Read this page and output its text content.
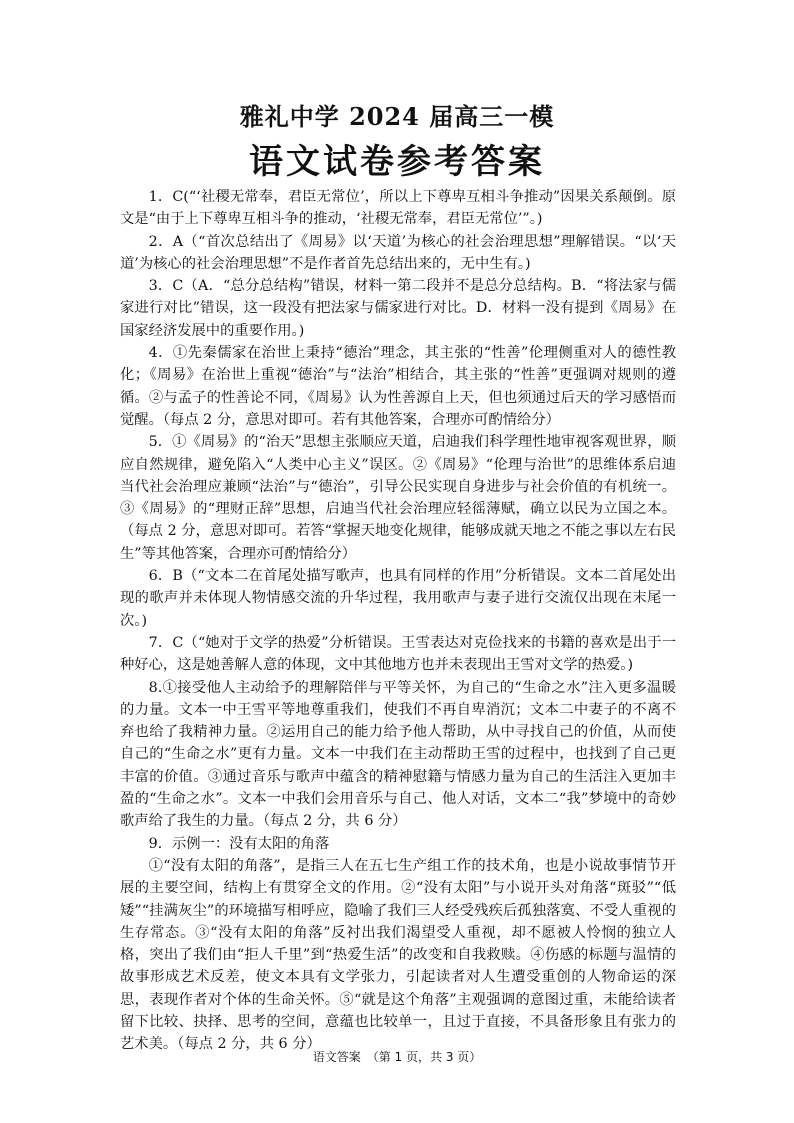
雅礼中学 2024 届高三一模
语文试卷参考答案

1．C(“‘社稷无常奉，君臣无常位’，所以上下尊卑互相斗争推动”因果关系颠倒。原文是“由于上下尊卑互相斗争的推动，‘社稷无常奉，君臣无常位’”。)

2．A（“首次总结出了《周易》以‘天道’为核心的社会治理思想”理解错误。“以‘天道’为核心的社会治理思想”不是作者首先总结出来的，无中生有。)

3．C（A．“总分总结构”错误，材料一第二段并不是总分总结构。B．“将法家与儒家进行对比”错误，这一段没有把法家与儒家进行对比。D．材料一没有提到《周易》在国家经济发展中的重要作用。)

4．①先秦儒家在治世上秉持“德治”理念，其主张的“性善”伦理侧重对人的德性教化；《周易》在治世上重视“德治”与“法治”相结合，其主张的“性善”更强调对规则的遵循。②与孟子的性善论不同，《周易》认为性善源自上天，但也须通过后天的学习感悟而觉醒。（每点 2 分，意思对即可。若有其他答案，合理亦可酌情给分）

5．①《周易》的“治天”思想主张顺应天道，启迪我们科学理性地审视客观世界，顺应自然规律，避免陷入“人类中心主义”误区。②《周易》“伦理与治世”的思维体系启迪当代社会治理应兼顾“法治”与“德治”，引导公民实现自身进步与社会价值的有机统一。③《周易》的“理财正辞”思想，启迪当代社会治理应轻徭薄赋，确立以民为立国之本。（每点 2 分，意思对即可。若答“掌握天地变化规律，能够成就天地之不能之事以左右民生”等其他答案，合理亦可酌情给分）

6．B（“文本二在首尾处描写歌声，也具有同样的作用”分析错误。文本二首尾处出现的歌声并未体现人物情感交流的升华过程，我用歌声与妻子进行交流仅出现在末尾一次。)

7．C（“她对于文学的热爱”分析错误。王雪表达对克俭找来的书籍的喜欢是出于一种好心，这是她善解人意的体现，文中其他地方也并未表现出王雪对文学的热爱。)

8.①接受他人主动给予的理解陪伴与平等关怀，为自己的“生命之水”注入更多温暖的力量。文本一中王雪平等地尊重我们，使我们不再自卑消沉；文本二中妻子的不离不弃也给了我精神力量。②运用自己的能力给予他人帮助，从中寻找自己的价值，从而使自己的“生命之水”更有力量。文本一中我们在主动帮助王雪的过程中，也找到了自己更丰富的价值。③通过音乐与歌声中蕴含的精神慰籍与情感力量为自己的生活注入更加丰盈的“生命之水”。文本一中我们会用音乐与自己、他人对话，文本二“我”梦境中的奇妙歌声给了我生的力量。（每点 2 分，共 6 分）

9．示例一：没有太阳的角落

①“没有太阳的角落”，是指三人在五七生产组工作的技术角，也是小说故事情节开展的主要空间，结构上有贯穿全文的作用。②“没有太阳”与小说开头对角落“斑驳”“低矮”“挂满灰尘”的环境描写相呼应，隐喻了我们三人经受残疾后孤独落寞、不受人重视的生存常态。③“没有太阳的角落”反衬出我们渴望受人重视，却不愿被人怜悯的独立人格，突出了我们由“拒人千里”到“热爱生活”的改变和自我救赎。④伤感的标题与温情的故事形成艺术反差，使文本具有文学张力，引起读者对人生遭受重创的人物命运的深思，表现作者对个体的生命关怀。⑤“就是这个角落”主观强调的意图过重，未能给读者留下比较、抉择、思考的空间，意蕴也比较单一，且过于直接，不具备形象且有张力的艺术美。（每点 2 分，共 6 分）

语文答案　（第 1 页，共 3 页）
